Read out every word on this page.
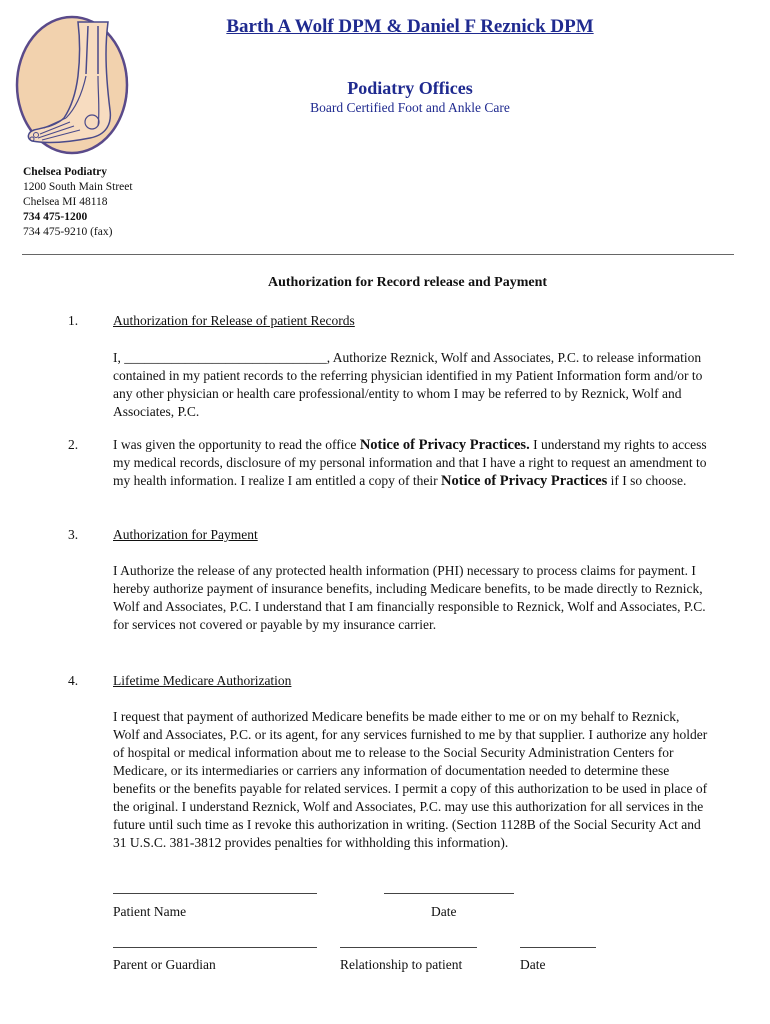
Barth A Wolf DPM & Daniel F Reznick DPM
Podiatry Offices
Board Certified Foot and Ankle Care
Chelsea Podiatry
1200 South Main Street
Chelsea MI 48118
734 475-1200
734 475-9210 (fax)
Authorization for Record release and Payment
1.	Authorization for Release of patient Records
I, ______________________________, Authorize Reznick, Wolf and Associates, P.C. to release information contained in my patient records to the referring physician identified in my Patient Information form and/or to any other physician or health care professional/entity to whom I may be referred to by Reznick, Wolf and Associates, P.C.
2.	I was given the opportunity to read the office Notice of Privacy Practices. I understand my rights to access my medical records, disclosure of my personal information and that I have a right to request an amendment to my health information. I realize I am entitled a copy of their Notice of Privacy Practices if I so choose.
3.	Authorization for Payment
I Authorize the release of any protected health information (PHI) necessary to process claims for payment. I hereby authorize payment of insurance benefits, including Medicare benefits, to be made directly to Reznick, Wolf and Associates, P.C. I understand that I am financially responsible to Reznick, Wolf and Associates, P.C. for services not covered or payable by my insurance carrier.
4.	Lifetime Medicare Authorization
I request that payment of authorized Medicare benefits be made either to me or on my behalf to Reznick, Wolf and Associates, P.C. or its agent, for any services furnished to me by that supplier. I authorize any holder of hospital or medical information about me to release to the Social Security Administration Centers for Medicare, or its intermediaries or carriers any information of documentation needed to determine these benefits or the benefits payable for related services. I permit a copy of this authorization to be used in place of the original. I understand Reznick, Wolf and Associates, P.C. may use this authorization for all services in the future until such time as I revoke this authorization in writing. (Section 1128B of the Social Security Act and 31 U.S.C. 381-3812 provides penalties for withholding this information).
Patient Name	Date
Parent or Guardian	Relationship to patient	Date
